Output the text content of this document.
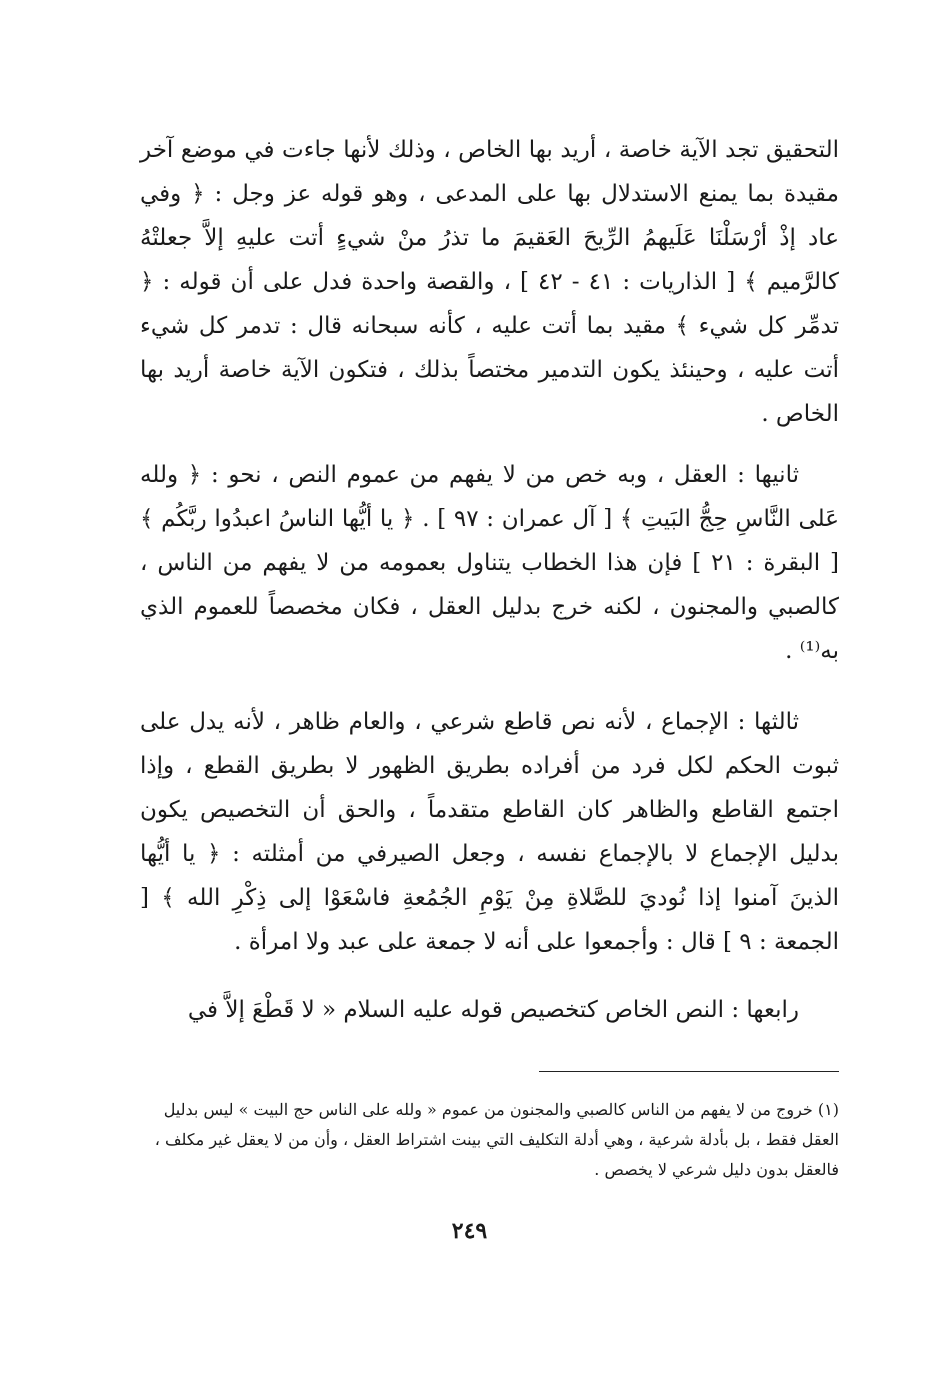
التحقيق تجد الآية خاصة ، أريد بها الخاص ، وذلك لأنها جاءت في موضع آخر مقيدة بما يمنع الاستدلال بها على المدعى ، وهو قوله عز وجل : ﴿ وفي عاد إذْ أرْسَلْنَا عَلَيهمُ الرِّيحَ العَقيمَ ما تذرُ منْ شيءٍ أتت عليهِ إلاَّ جعلتْهُ كالرَّميم ﴾ [ الذاريات : ٤١ - ٤٢ ] ، والقصة واحدة فدل على أن قوله : ﴿ تدمِّر كل شيء ﴾ مقيد بما أتت عليه ، كأنه سبحانه قال : تدمر كل شيء أتت عليه ، وحينئذ يكون التدمير مختصاً بذلك ، فتكون الآية خاصة أريد بها الخاص .

ثانيها : العقل ، وبه خص من لا يفهم من عموم النص ، نحو : ﴿ ولله عَلى النَّاسِ حِجُّ البَيتِ ﴾ [ آل عمران : ٩٧ ] . ﴿ يا أيُّها الناسُ اعبدُوا ربَّكُم ﴾ [ البقرة : ٢١ ] فإن هذا الخطاب يتناول بعمومه من لا يفهم من الناس ، كالصبي والمجنون ، لكنه خرج بدليل العقل ، فكان مخصصاً للعموم الذي به⁽¹⁾ .

ثالثها : الإجماع ، لأنه نص قاطع شرعي ، والعام ظاهر ، لأنه يدل على ثبوت الحكم لكل فرد من أفراده بطريق الظهور لا بطريق القطع ، وإذا اجتمع القاطع والظاهر كان القاطع متقدماً ، والحق أن التخصيص يكون بدليل الإجماع لا بالإجماع نفسه ، وجعل الصيرفي من أمثلته : ﴿ يا أيُّها الذينَ آمنوا إذا نُوديَ للصَّلاةِ مِنْ يَوْمِ الجُمُعةِ فاسْعَوْا إلى ذِكْرِ الله ﴾ [ الجمعة : ٩ ] قال : وأجمعوا على أنه لا جمعة على عبد ولا امرأة .

رابعها : النص الخاص كتخصيص قوله عليه السلام « لا قَطْعَ إلاَّ في

(١) خروج من لا يفهم من الناس كالصبي والمجنون من عموم « ولله على الناس حج البيت » ليس بدليل العقل فقط ، بل بأدلة شرعية ، وهي أدلة التكليف التي بينت اشتراط العقل ، وأن من لا يعقل غير مكلف ، فالعقل بدون دليل شرعي لا يخصص .

٢٤٩
